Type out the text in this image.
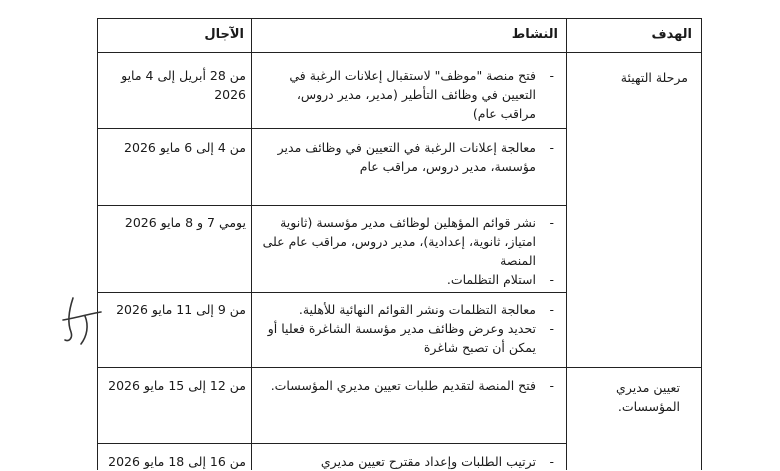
الهدف
النشاط
الآجال
مرحلة التهيئة
- فتح منصة "موظف" لاستقبال إعلانات الرغبة في التعيين في وظائف التأطير (مدير، مدير دروس، مراقب عام)
من 28 أبريل إلى 4 مايو 2026
- معالجة إعلانات الرغبة في التعيين في وظائف مدير مؤسسة، مدير دروس، مراقب عام
من 4 إلى 6 مايو 2026
- نشر قوائم المؤهلين لوظائف مدير مؤسسة (ثانوية امتياز، ثانوية، إعدادية)، مدير دروس، مراقب عام على المنصة
- استلام التظلمات.
يومي 7 و 8 مايو 2026
- معالجة التظلمات ونشر القوائم النهائية للأهلية.
- تحديد وعرض وظائف مدير مؤسسة الشاغرة فعليا أو يمكن أن تصبح شاغرة
من 9 إلى 11 مايو 2026
تعيين مديري المؤسسات.
- فتح المنصة لتقديم طلبات تعيين مديري المؤسسات.
من 12 إلى 15 مايو 2026
- ترتيب الطلبات وإعداد مقترح تعيين مديري
من 16 إلى 18 مايو 2026
